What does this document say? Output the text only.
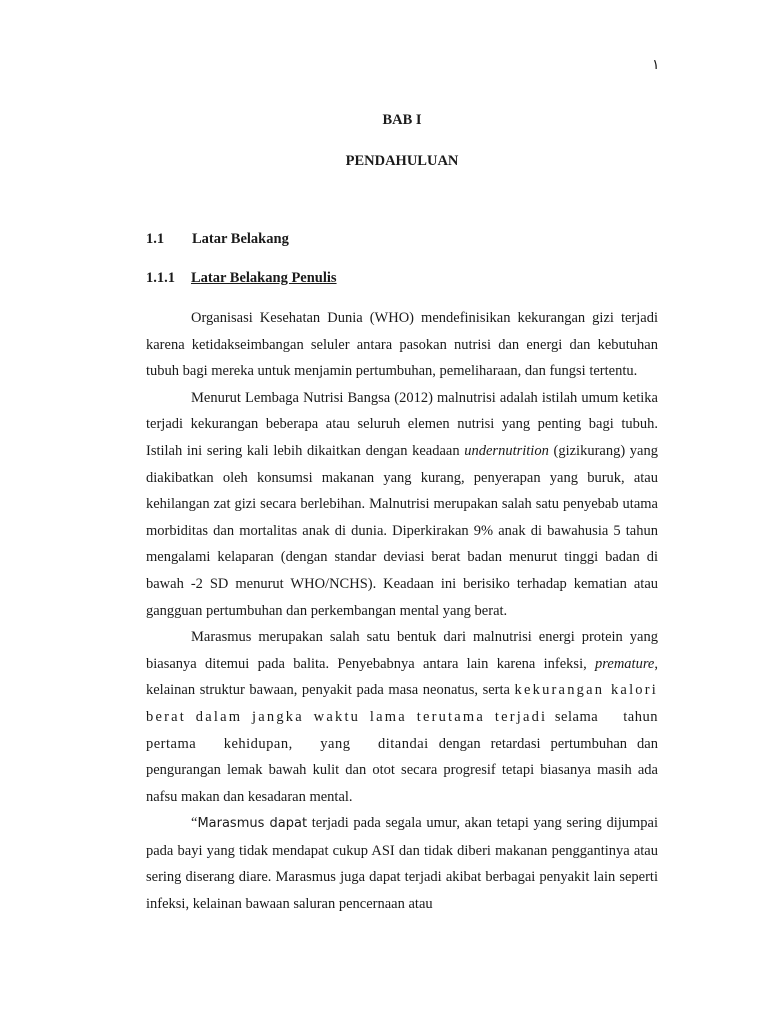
١
BAB I
PENDAHULUAN
1.1 Latar Belakang
1.1.1 Latar Belakang Penulis

Organisasi Kesehatan Dunia (WHO) mendefinisikan kekurangan gizi terjadi karena ketidakseimbangan seluler antara pasokan nutrisi dan energi dan kebutuhan tubuh bagi mereka untuk menjamin pertumbuhan, pemeliharaan, dan fungsi tertentu.

Menurut Lembaga Nutrisi Bangsa (2012) malnutrisi adalah istilah umum ketika terjadi kekurangan beberapa atau seluruh elemen nutrisi yang penting bagi tubuh. Istilah ini sering kali lebih dikaitkan dengan keadaan undernutrition (gizikurang) yang diakibatkan oleh konsumsi makanan yang kurang, penyerapan yang buruk, atau kehilangan zat gizi secara berlebihan. Malnutrisi merupakan salah satu penyebab utama morbiditas dan mortalitas anak di dunia. Diperkirakan 9% anak di bawahusia 5 tahun mengalami kelaparan (dengan standar deviasi berat badan menurut tinggi badan di bawah -2 SD menurut WHO/NCHS). Keadaan ini berisiko terhadap kematian atau gangguan pertumbuhan dan perkembangan mental yang berat.

Marasmus merupakan salah satu bentuk dari malnutrisi energi protein yang biasanya ditemui pada balita. Penyebabnya antara lain karena infeksi, premature, kelainan struktur bawaan, penyakit pada masa neonatus, serta kekurangan kalori berat dalam jangka waktu lama terutama terjadi selama tahun pertama kehidupan, yang ditandai dengan retardasi pertumbuhan dan pengurangan lemak bawah kulit dan otot secara progresif tetapi biasanya masih ada nafsu makan dan kesadaran mental.

“Marasmus dapat terjadi pada segala umur, akan tetapi yang sering dijumpai pada bayi yang tidak mendapat cukup ASI dan tidak diberi makanan penggantinya atau sering diserang diare. Marasmus juga dapat terjadi akibat berbagai penyakit lain seperti infeksi, kelainan bawaan saluran pencernaan atau
